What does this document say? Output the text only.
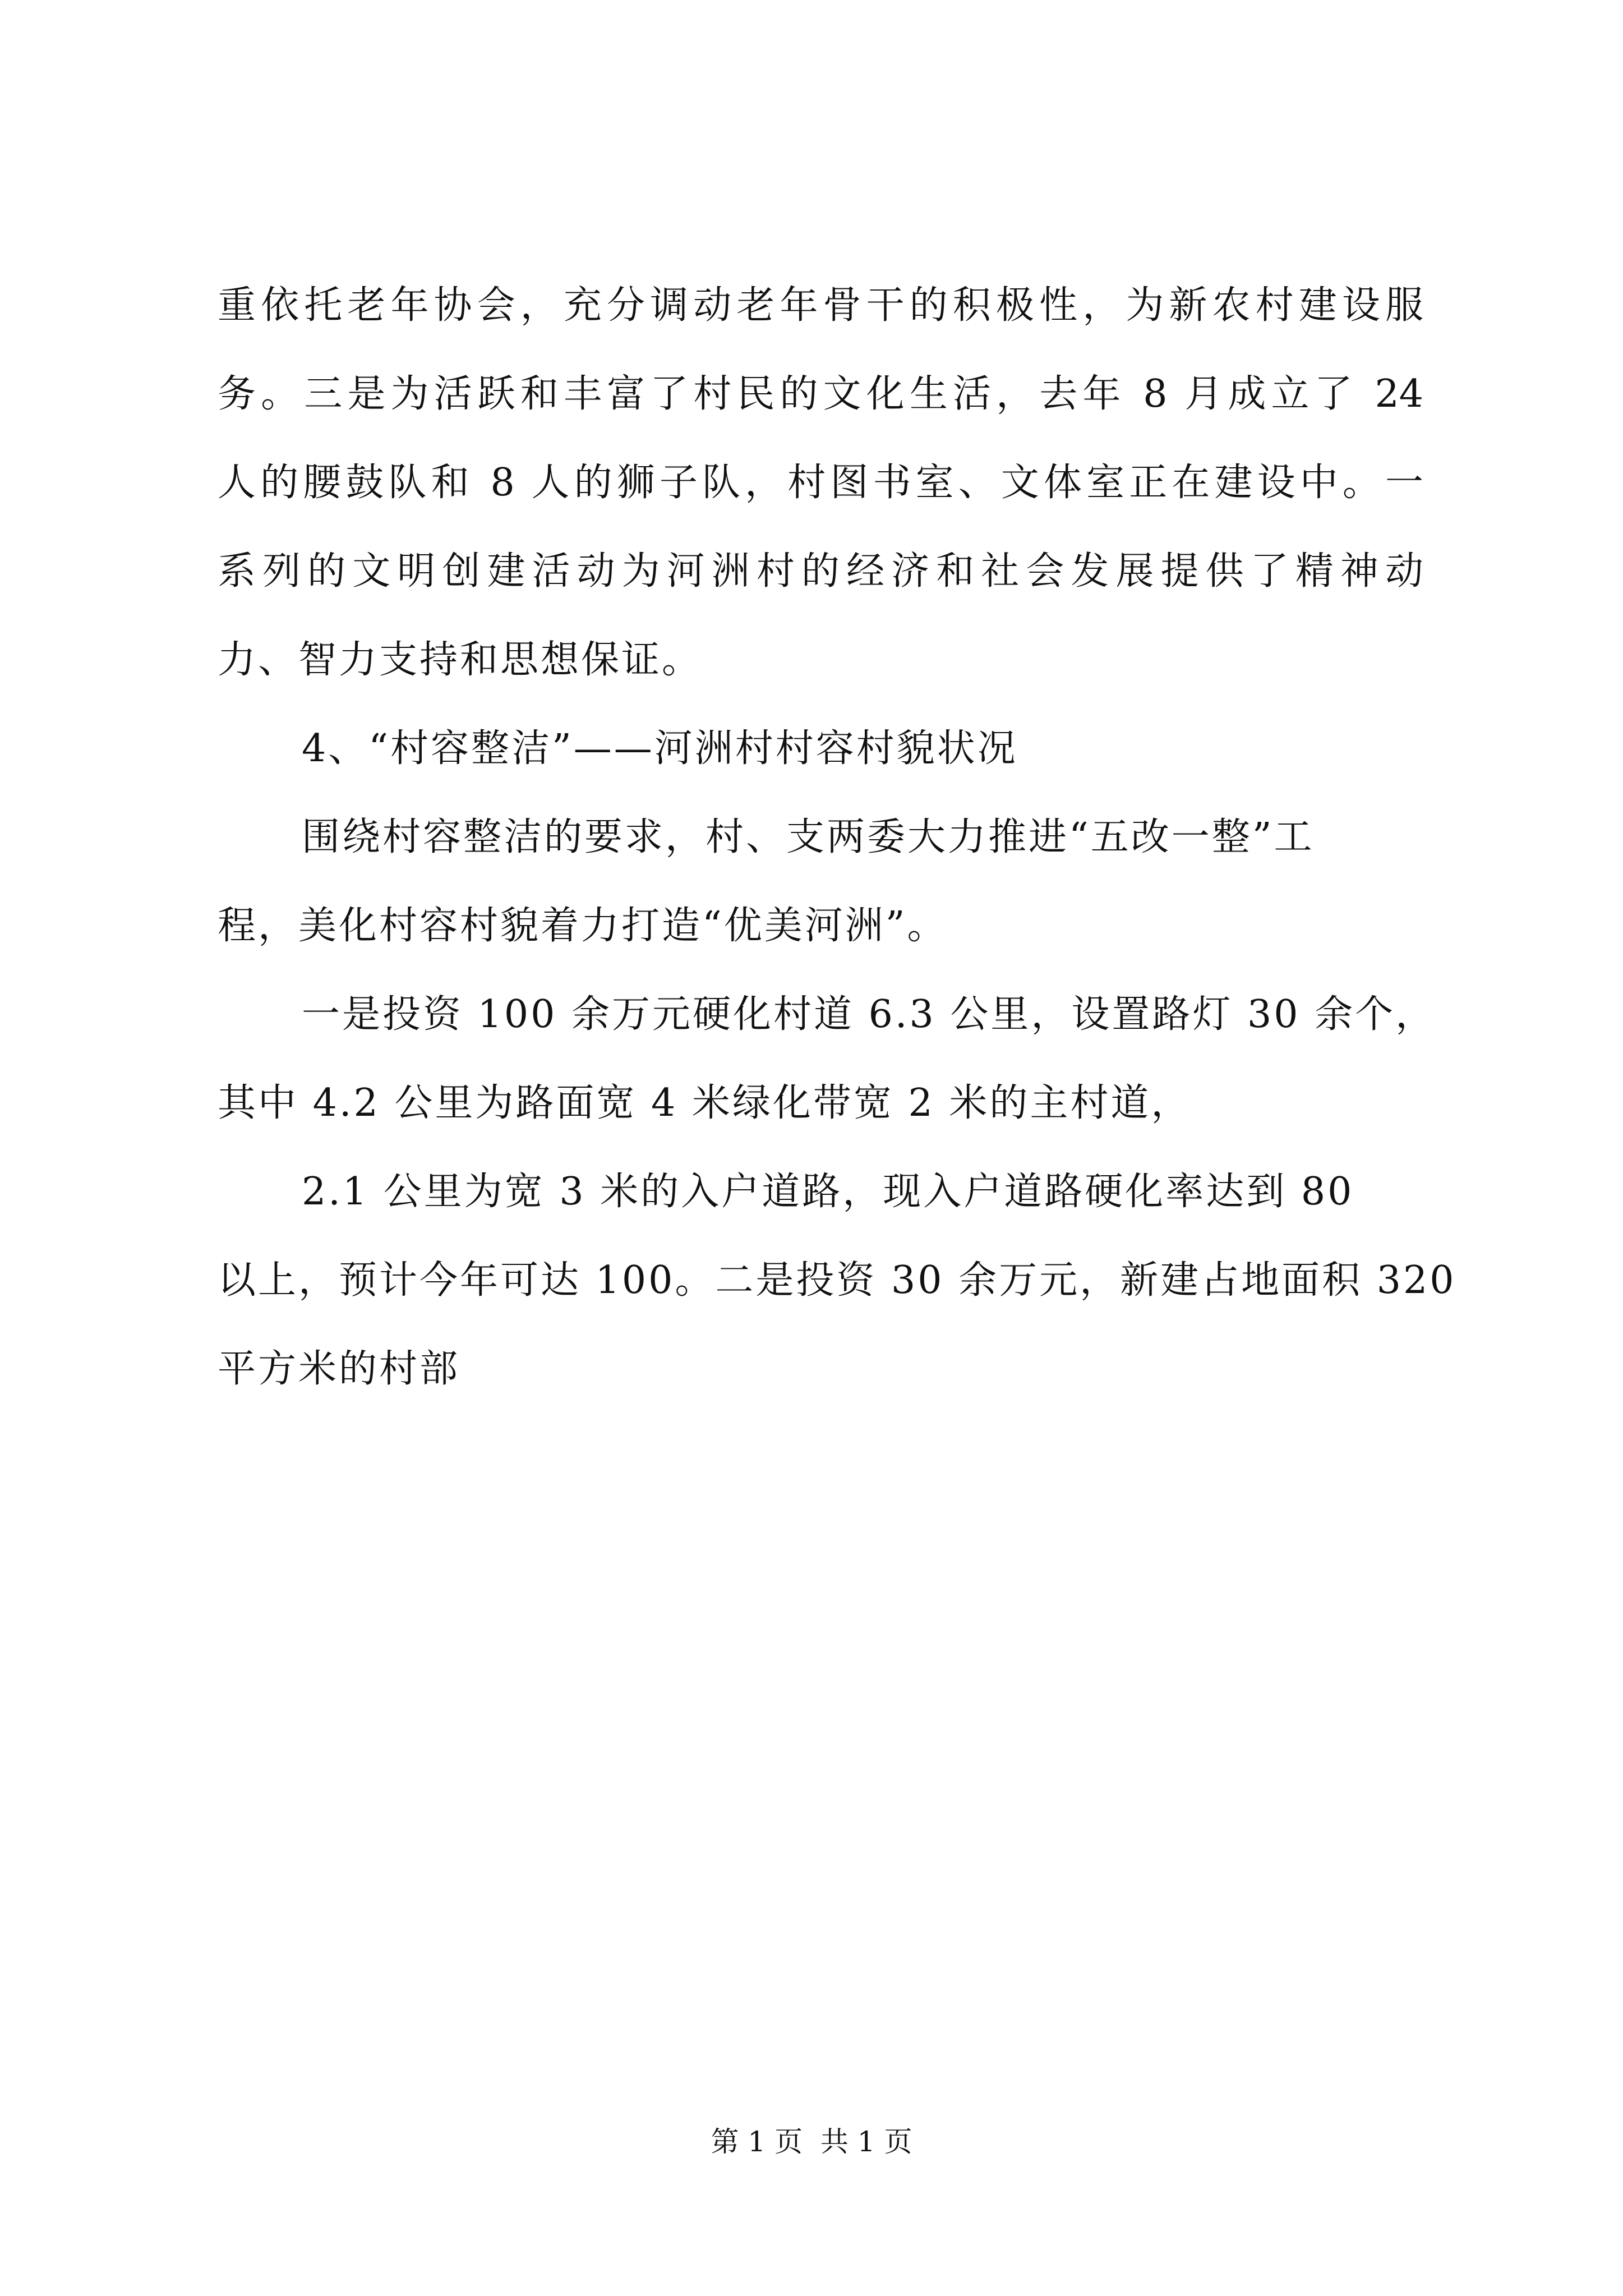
重依托老年协会，充分调动老年骨干的积极性，为新农村建设服
务。三是为活跃和丰富了村民的文化生活，去年 8 月成立了 24
人的腰鼓队和 8 人的狮子队，村图书室、文体室正在建设中。一
系列的文明创建活动为河洲村的经济和社会发展提供了精神动
力、智力支持和思想保证。
4、“村容整洁”——河洲村村容村貌状况
围绕村容整洁的要求，村、支两委大力推进“五改一整”工
程，美化村容村貌着力打造“优美河洲”。
一是投资 100 余万元硬化村道 6.3 公里，设置路灯 30 余个，
其中 4.2 公里为路面宽 4 米绿化带宽 2 米的主村道，
2.1 公里为宽 3 米的入户道路，现入户道路硬化率达到 80
以上，预计今年可达 100。二是投资 30 余万元，新建占地面积 320
平方米的村部
第 1 页  共 1 页
